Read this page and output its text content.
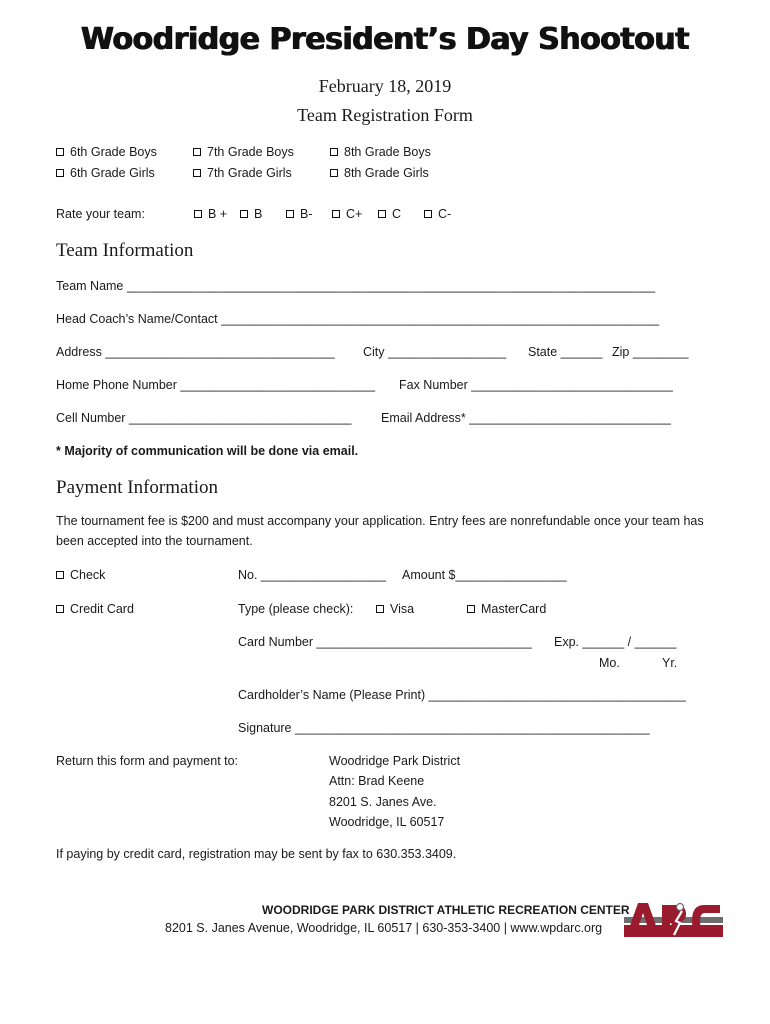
Woodridge President’s Day Shootout
February 18, 2019
Team Registration Form
6th Grade Boys	7th Grade Boys	8th Grade Boys
6th Grade Girls	7th Grade Girls	8th Grade Girls
Rate your team:	B +	B	B-	C+	C	C-
Team Information
Team Name ____________________________________________________________________________
Head Coach’s Name/Contact _______________________________________________________________
Address _________________________________ City _________________ State ______ Zip ________
Home Phone Number ____________________________ Fax Number _____________________________
Cell Number ________________________________ Email Address* _____________________________
* Majority of communication will be done via email.
Payment Information
The tournament fee is $200 and must accompany your application. Entry fees are nonrefundable once your team has
been accepted into the tournament.
Check	No. __________________ Amount $________________
Credit Card	Type (please check):	Visa	MasterCard
Card Number _______________________________ Exp. ______ / ______
Mo.	Yr.
Cardholder’s Name (Please Print) _____________________________________
Signature ___________________________________________________
Return this form and payment to:	Woodridge Park District
Attn: Brad Keene
8201 S. Janes Ave.
Woodridge, IL 60517
If paying by credit card, registration may be sent by fax to 630.353.3409.
WOODRIDGE PARK DISTRICT ATHLETIC RECREATION CENTER
8201 S. Janes Avenue, Woodridge, IL 60517 | 630-353-3400 | www.wpdarc.org
